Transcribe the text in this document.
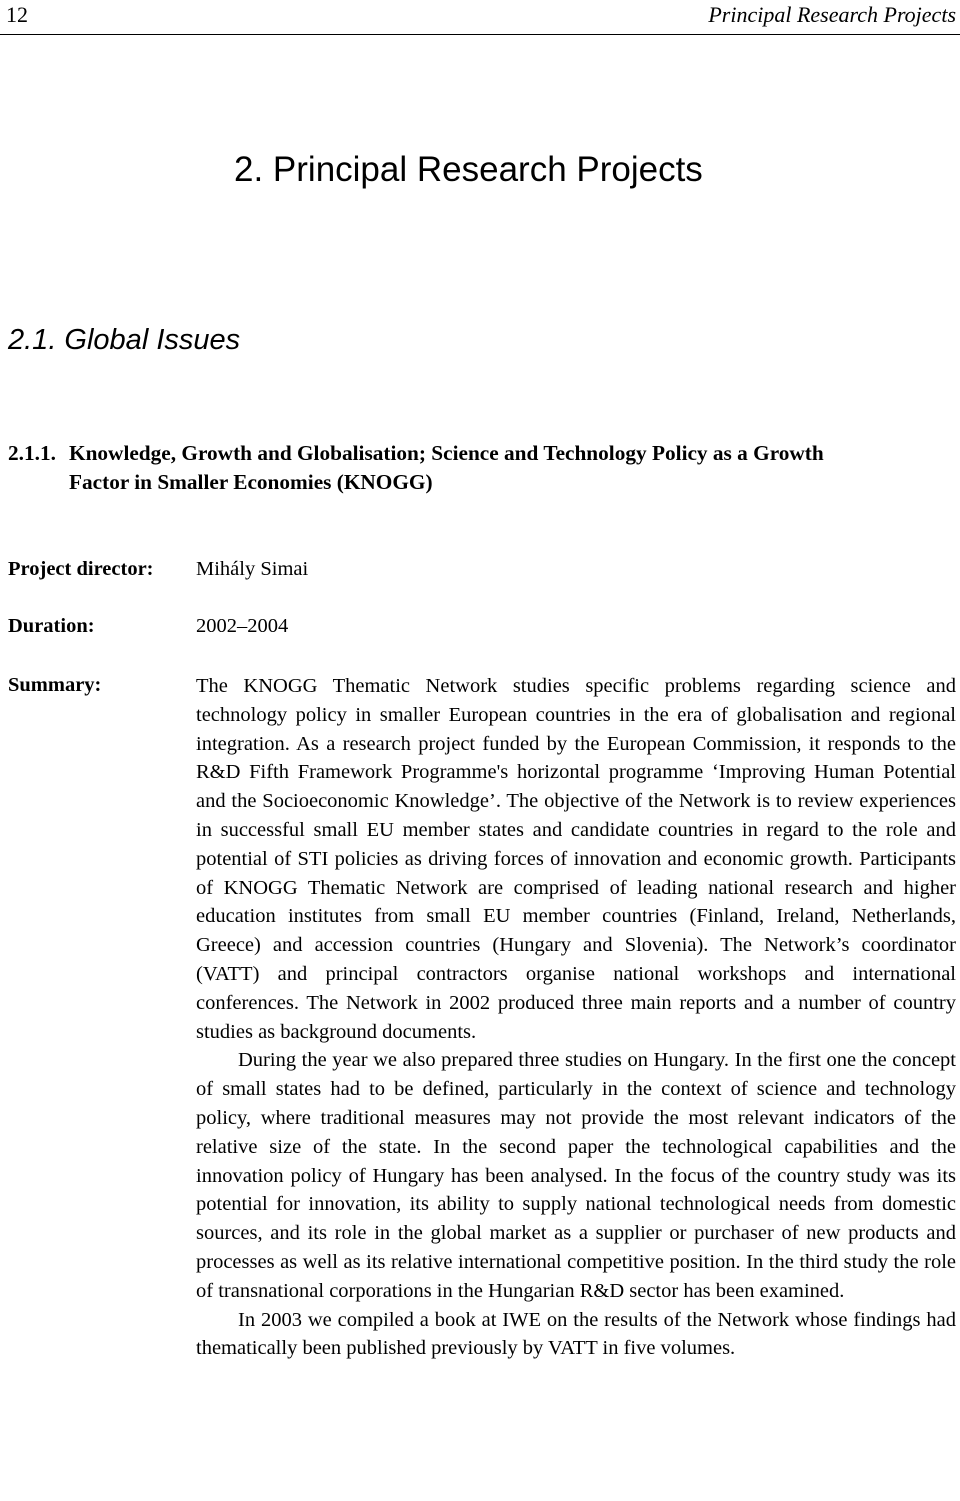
12	Principal Research Projects
2. Principal Research Projects
2.1. Global Issues
2.1.1. Knowledge, Growth and Globalisation; Science and Technology Policy as a Growth
Factor in Smaller Economies (KNOGG)
Project director: Mihály Simai
Duration:	2002–2004
Summary:	The KNOGG Thematic Network studies specific problems regarding science and technology policy in smaller European countries in the era of globalisation and regional integration. As a research project funded by the European Commission, it responds to the R&D Fifth Framework Programme's horizontal programme ‘Improving Human Potential and the Socioeconomic Knowledge’. The objective of the Network is to review experiences in successful small EU member states and candidate countries in regard to the role and potential of STI policies as driving forces of innovation and economic growth. Participants of KNOGG Thematic Network are comprised of leading national research and higher education institutes from small EU member countries (Finland, Ireland, Netherlands, Greece) and accession countries (Hungary and Slovenia). The Network’s coordinator (VATT) and principal contractors organise national workshops and international conferences. The Network in 2002 produced three main reports and a number of country studies as background documents.

During the year we also prepared three studies on Hungary. In the first one the concept of small states had to be defined, particularly in the context of science and technology policy, where traditional measures may not provide the most relevant indicators of the relative size of the state. In the second paper the technological capabilities and the innovation policy of Hungary has been analysed. In the focus of the country study was its potential for innovation, its ability to supply national technological needs from domestic sources, and its role in the global market as a supplier or purchaser of new products and processes as well as its relative international competitive position. In the third study the role of transnational corporations in the Hungarian R&D sector has been examined.

In 2003 we compiled a book at IWE on the results of the Network whose findings had thematically been published previously by VATT in five volumes.
